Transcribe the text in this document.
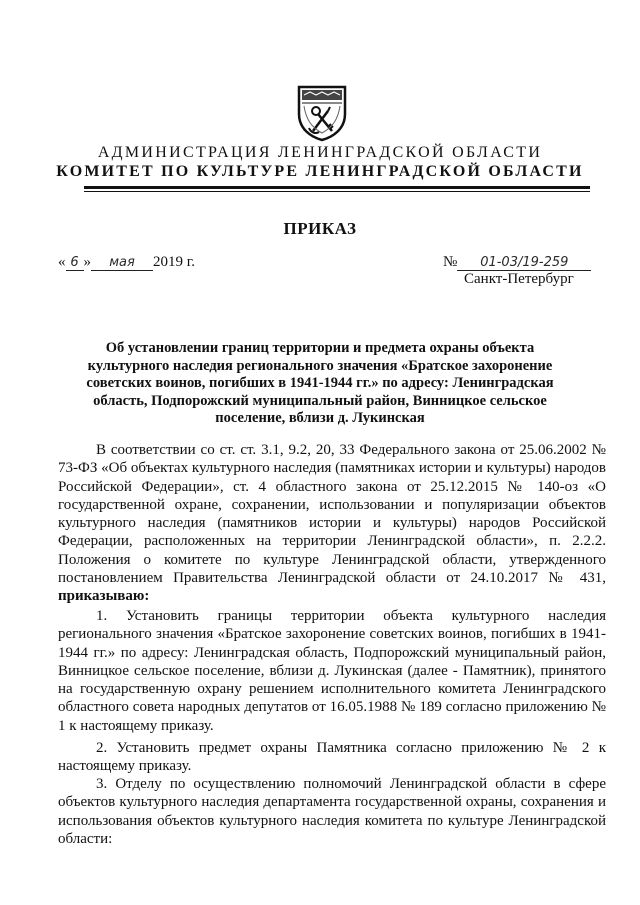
АДМИНИСТРАЦИЯ ЛЕНИНГРАДСКОЙ ОБЛАСТИ
КОМИТЕТ ПО КУЛЬТУРЕ ЛЕНИНГРАДСКОЙ ОБЛАСТИ
ПРИКАЗ
« 6 » мая 2019 г.	№ 01-03/19-259
Санкт-Петербург
Об установлении границ территории и предмета охраны объекта
культурного наследия регионального значения «Братское захоронение
советских воинов, погибших в 1941-1944 гг.» по адресу: Ленинградская
область, Подпорожский муниципальный район, Винницкое сельское
поселение, вблизи д. Лукинская
В соответствии со ст. ст. 3.1, 9.2, 20, 33 Федерального закона от 25.06.2002 № 73-ФЗ «Об объектах культурного наследия (памятниках истории и культуры) народов Российской Федерации», ст. 4 областного закона от 25.12.2015 № 140-оз «О государственной охране, сохранении, использовании и популяризации объектов культурного наследия (памятников истории и культуры) народов Российской Федерации, расположенных на территории Ленинградской области», п. 2.2.2. Положения о комитете по культуре Ленинградской области, утвержденного постановлением Правительства Ленинградской области от 24.10.2017 № 431, приказываю:
1. Установить границы территории объекта культурного наследия регионального значения «Братское захоронение советских воинов, погибших в 1941-1944 гг.» по адресу: Ленинградская область, Подпорожский муниципальный район, Винницкое сельское поселение, вблизи д. Лукинская (далее - Памятник), принятого на государственную охрану решением исполнительного комитета Ленинградского областного совета народных депутатов от 16.05.1988 № 189 согласно приложению № 1 к настоящему приказу.
2. Установить предмет охраны Памятника согласно приложению № 2 к настоящему приказу.
3. Отделу по осуществлению полномочий Ленинградской области в сфере объектов культурного наследия департамента государственной охраны, сохранения и использования объектов культурного наследия комитета по культуре Ленинградской области:
